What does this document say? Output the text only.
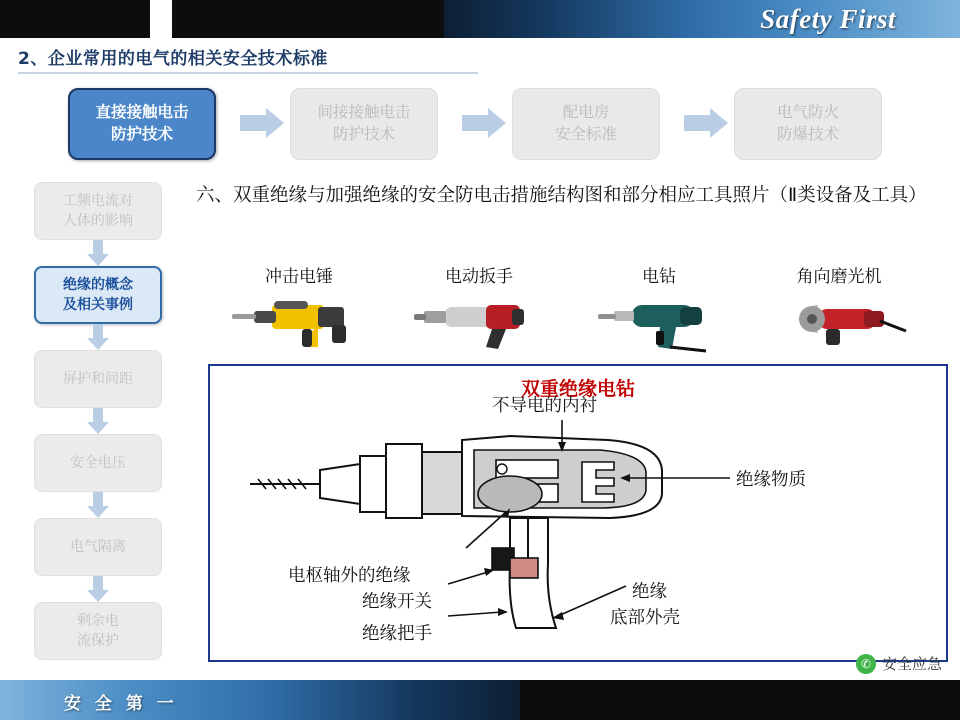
Safety First
2、企业常用的电气的相关安全技术标准
直接接触电击
防护技术
间接接触电击
防护技术
配电房
安全标准
电气防火
防爆技术
工频电流对
人体的影响
绝缘的概念
及相关事例
屏护和间距
安全电压
电气隔离
剩余电
流保护
六、双重绝缘与加强绝缘的安全防电击措施结构图和部分相应工具照片（Ⅱ类设备及工具）
冲击电锤	电动扳手	电钻	角向磨光机
双重绝缘电钻
不导电的内衬
绝缘物质
电枢轴外的绝缘
绝缘开关
绝缘把手
绝缘
底部外壳
✆ 安全应急
安 全 第 一
